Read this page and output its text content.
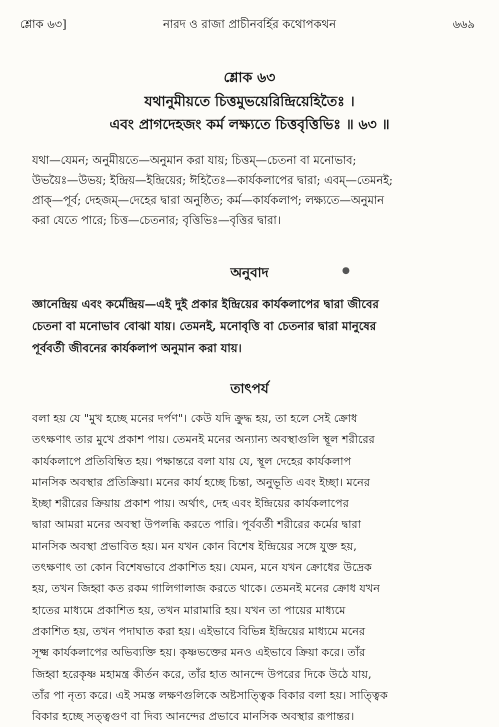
নারদ ও রাজা প্রাচীনবর্হির কথোপকথন
শ্লোক ৬৩]	৬৬৯
শ্লোক ৬৩
যথানুমীয়তে চিত্তমুভয়েরিন্দ্রিয়েহিতৈঃ ।
এবং প্রাগদেহজং কর্ম লক্ষ্যতে চিত্তবৃত্তিভিঃ ॥ ৬৩ ॥

যথা—যেমন; অনুমীয়তে—অনুমান করা যায়; চিত্তম্—চেতনা বা মনোভাব;

উভয়ৈঃ—উভয়; ইন্দ্রিয়—ইন্দ্রিয়ের; ঈহিতৈঃ—কার্যকলাপের দ্বারা; এবম্—তেমনই;

প্রাক্—পূর্ব; দেহজম্—দেহের দ্বারা অনুষ্ঠিত; কর্ম—কার্যকলাপ; লক্ষ্যতে—অনুমান

করা যেতে পারে; চিত্ত—চেতনার; বৃত্তিভিঃ—বৃত্তির দ্বারা।

অনুবাদ	●

জ্ঞানেন্দ্রিয় এবং কর্মেন্দ্রিয়—এই দুই প্রকার ইন্দ্রিয়ের কার্যকলাপের দ্বারা জীবের

চেতনা বা মনোভাব বোঝা যায়। তেমনই, মনোবৃত্তি বা চেতনার দ্বারা মানুষের

পূর্ববর্তী জীবনের কার্যকলাপ অনুমান করা যায়।

তাৎপর্য

বলা হয় যে "মুখ হচ্ছে মনের দর্পণ"। কেউ যদি ক্রুদ্ধ হয়, তা হলে সেই ক্রোধ

তৎক্ষণাৎ তার মুখে প্রকাশ পায়। তেমনই মনের অন্যান্য অবস্থাগুলি স্থূল শরীরের

কার্যকলাপে প্রতিবিম্বিত হয়। পক্ষান্তরে বলা যায় যে, স্থূল দেহের কার্যকলাপ

মানসিক অবস্থার প্রতিক্রিয়া। মনের কার্য হচ্ছে চিন্তা, অনুভূতি এবং ইচ্ছা। মনের

ইচ্ছা শরীরের ক্রিয়ায় প্রকাশ পায়। অর্থাৎ, দেহ এবং ইন্দ্রিয়ের কার্যকলাপের

দ্বারা আমরা মনের অবস্থা উপলব্ধি করতে পারি। পূর্ববর্তী শরীরের কর্মের দ্বারা

মানসিক অবস্থা প্রভাবিত হয়। মন যখন কোন বিশেষ ইন্দ্রিয়ের সঙ্গে যুক্ত হয়,

তৎক্ষণাৎ তা কোন বিশেষভাবে প্রকাশিত হয়। যেমন, মনে যখন ক্রোধের উদ্রেক

হয়, তখন জিহ্বা কত রকম গালিগালাজ করতে থাকে। তেমনই মনের ক্রোধ যখন

হাতের মাধ্যমে প্রকাশিত হয়, তখন মারামারি হয়। যখন তা পায়ের মাধ্যমে

প্রকাশিত হয়, তখন পদাঘাত করা হয়। এইভাবে বিভিন্ন ইন্দ্রিয়ের মাধ্যমে মনের

সূক্ষ্ম কার্যকলাপের অভিব্যক্তি হয়। কৃষ্ণভক্তের মনও এইভাবে ক্রিয়া করে। তাঁর

জিহ্বা হরেকৃষ্ণ মহামন্ত্র কীর্তন করে, তাঁর হাত আনন্দে উপরের দিকে উঠে যায়,

তাঁর পা নৃত্য করে। এই সমস্ত লক্ষণগুলিকে অষ্টসাত্ত্বিক বিকার বলা হয়। সাত্ত্বিক

বিকার হচ্ছে সত্ত্বগুণ বা দিব্য আনন্দের প্রভাবে মানসিক অবস্থার রূপান্তর।
